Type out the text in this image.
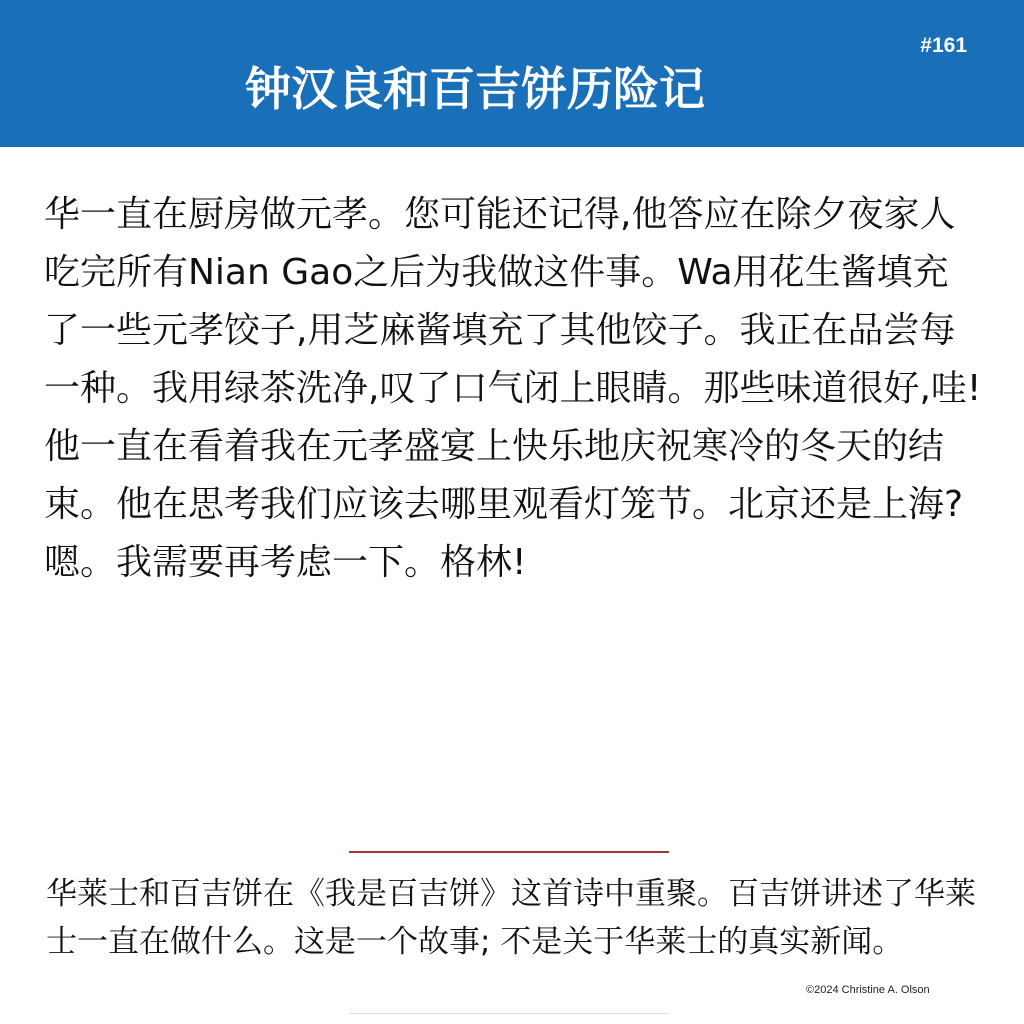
钟汉良和百吉饼历险记
#161

华一直在厨房做元孝。您可能还记得,他答应在除夕夜家人吃完所有Nian Gao之后为我做这件事。Wa用花生酱填充了一些元孝饺子,用芝麻酱填充了其他饺子。我正在品尝每一种。我用绿茶洗净,叹了口气闭上眼睛。那些味道很好,哇! 他一直在看着我在元孝盛宴上快乐地庆祝寒冷的冬天的结束。他在思考我们应该去哪里观看灯笼节。北京还是上海? 嗯。我需要再考虑一下。格林!

华莱士和百吉饼在《我是百吉饼》这首诗中重聚。百吉饼讲述了华莱士一直在做什么。这是一个故事; 不是关于华莱士的真实新闻。

©2024 Christine A. Olson
